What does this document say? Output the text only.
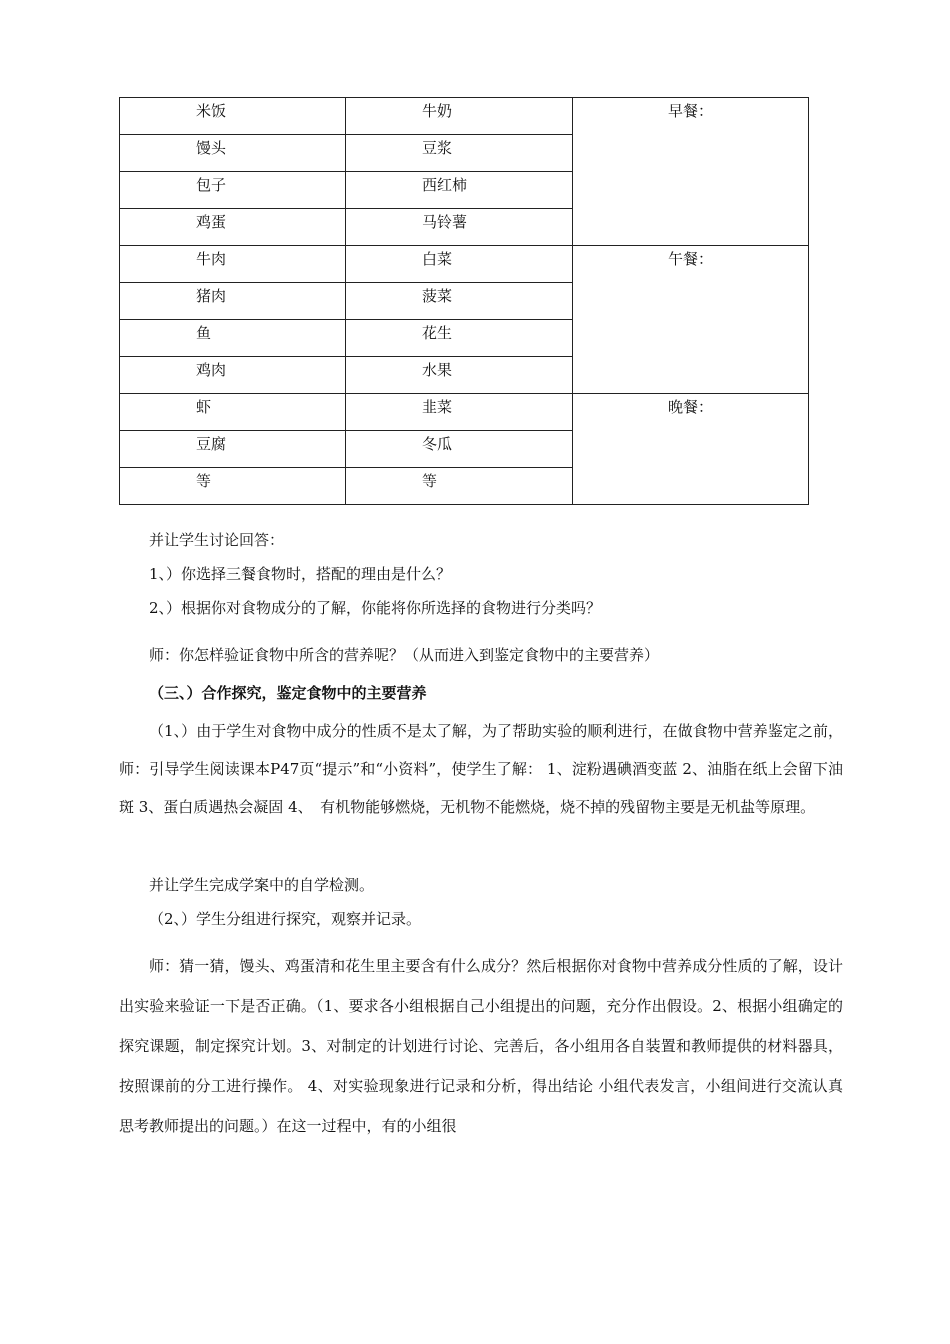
米饭	牛奶	早餐：
馒头	豆浆	
包子	西红柿	
鸡蛋	马铃薯	
牛肉	白菜	午餐：
猪肉	菠菜	
鱼	花生	
鸡肉	水果	
虾	韭菜	晚餐：
豆腐	冬瓜	
等	等	

并让学生讨论回答：

1、）你选择三餐食物时，搭配的理由是什么？

2、）根据你对食物成分的了解，你能将你所选择的食物进行分类吗？

师：你怎样验证食物中所含的营养呢？（从而进入到鉴定食物中的主要营养）

（三、）合作探究，鉴定食物中的主要营养

（1、）由于学生对食物中成分的性质不是太了解，为了帮助实验的顺利进行，在做食物中营养鉴定之前，师：引导学生阅读课本P47页“提示”和“小资料”，使学生了解： 1、淀粉遇碘酒变蓝 2、油脂在纸上会留下油斑 3、蛋白质遇热会凝固 4、　有机物能够燃烧，无机物不能燃烧，烧不掉的残留物主要是无机盐等原理。

并让学生完成学案中的自学检测。

（2、）学生分组进行探究，观察并记录。

师：猜一猜，馒头、鸡蛋清和花生里主要含有什么成分？然后根据你对食物中营养成分性质的了解，设计出实验来验证一下是否正确。（1、要求各小组根据自己小组提出的问题，充分作出假设。2、根据小组确定的探究课题，制定探究计划。3、对制定的计划进行讨论、完善后，各小组用各自装置和教师提供的材料器具，按照课前的分工进行操作。 4、对实验现象进行记录和分析，得出结论 小组代表发言，小组间进行交流认真思考教师提出的问题。）在这一过程中，有的小组很
